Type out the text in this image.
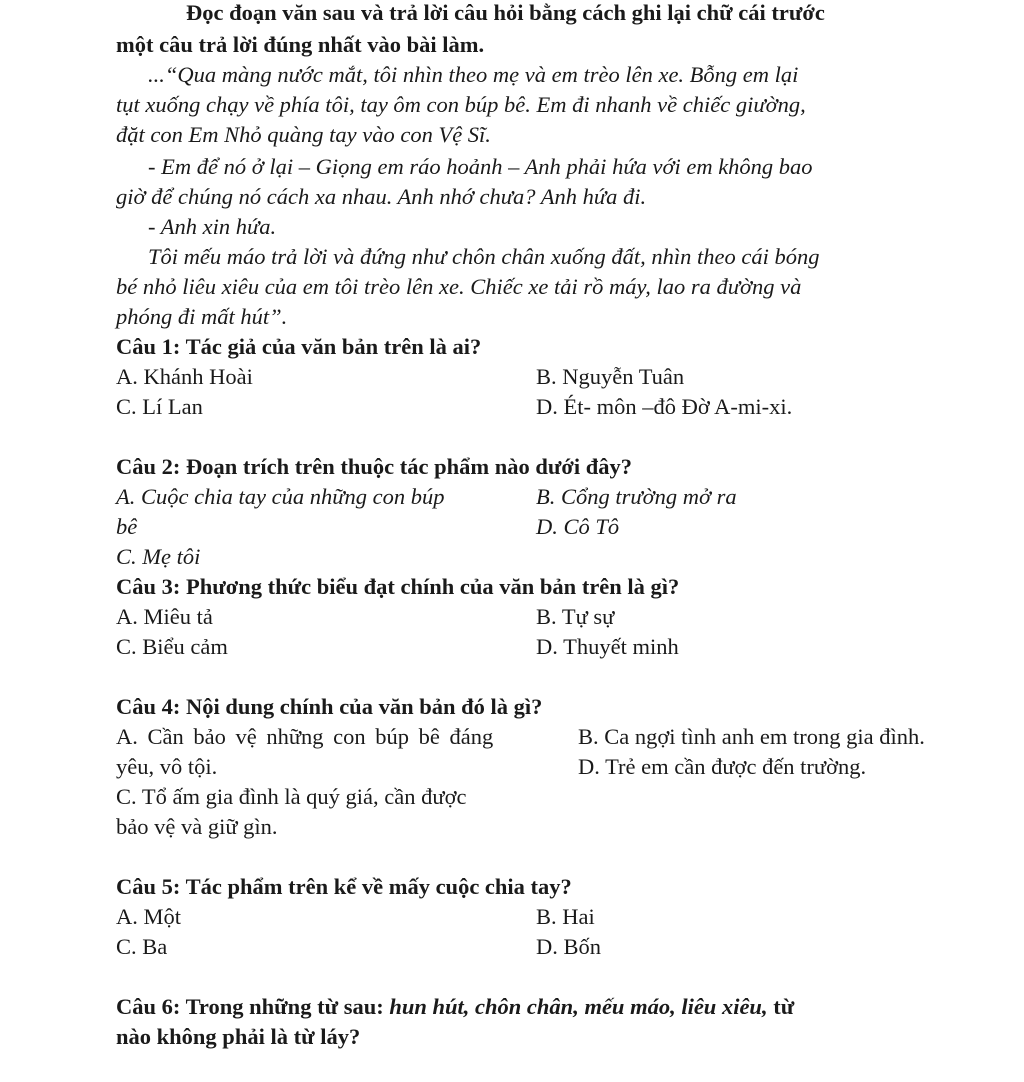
Đọc đoạn văn sau và trả lời câu hỏi bằng cách ghi lại chữ cái trước
một câu trả lời đúng nhất vào bài làm.
...“Qua màng nước mắt, tôi nhìn theo mẹ và em trèo lên xe. Bỗng em lại
tụt xuống chạy về phía tôi, tay ôm con búp bê. Em đi nhanh về chiếc giường,
đặt con Em Nhỏ quàng tay vào con Vệ Sĩ.
- Em để nó ở lại – Giọng em ráo hoảnh – Anh phải hứa với em không bao
giờ để chúng nó cách xa nhau. Anh nhớ chưa? Anh hứa đi.
- Anh xin hứa.
Tôi mếu máo trả lời và đứng như chôn chân xuống đất, nhìn theo cái bóng
bé nhỏ liêu xiêu của em tôi trèo lên xe. Chiếc xe tải rồ máy, lao ra đường và
phóng đi mất hút”.
Câu 1: Tác giả của văn bản trên là ai?
A. Khánh Hoài	B. Nguyễn Tuân
C. Lí Lan	D. Ét- môn –đô Đờ A-mi-xi.
Câu 2: Đoạn trích trên thuộc tác phẩm nào dưới đây?
A. Cuộc chia tay của những con búp	B. Cổng trường mở ra
bê	D. Cô Tô
C. Mẹ tôi
Câu 3: Phương thức biểu đạt chính của văn bản trên là gì?
A. Miêu tả	B. Tự sự
C. Biểu cảm	D. Thuyết minh
Câu 4: Nội dung chính của văn bản đó là gì?
A. Cần bảo vệ những con búp bê đáng	B. Ca ngợi tình anh em trong gia đình.
yêu, vô tội.	D. Trẻ em cần được đến trường.
C. Tổ ấm gia đình là quý giá, cần được
bảo vệ và giữ gìn.
Câu 5: Tác phẩm trên kể về mấy cuộc chia tay?
A. Một	B. Hai
C. Ba	D. Bốn
Câu 6: Trong những từ sau: hun hút, chôn chân, mếu máo, liêu xiêu, từ
nào không phải là từ láy?
